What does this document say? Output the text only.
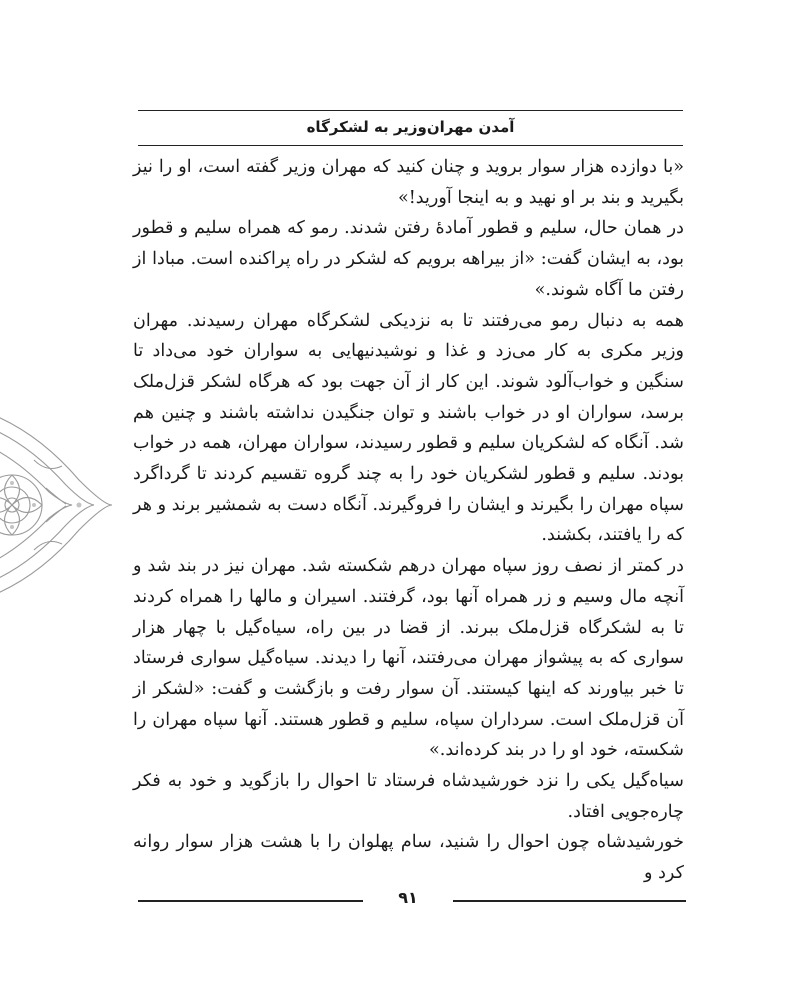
آمدن مهران‌وزیر به لشکرگاه

«با دوازده هزار سوار بروید و چنان کنید که مهران وزیر گفته است، او را نیز بگیرید و بند بر او نهید و به اینجا آورید!»

در همان حال، سلیم و قطور آمادهٔ رفتن شدند. رمو که همراه سلیم و قطور بود، به ایشان گفت: «از بیراهه برویم که لشکر در راه پراکنده است. مبادا از رفتن ما آگاه شوند.»

همه به دنبال رمو می‌رفتند تا به نزدیکی لشکرگاه مهران رسیدند. مهران وزیر مکری به کار می‌زد و غذا و نوشیدنیهایی به سواران خود می‌داد تا سنگین و خواب‌آلود شوند. این کار از آن جهت بود که هرگاه لشکر قزل‌ملک برسد، سواران او در خواب باشند و توان جنگیدن نداشته باشند و چنین هم شد. آنگاه که لشکریان سلیم و قطور رسیدند، سواران مهران، همه در خواب بودند. سلیم و قطور لشکریان خود را به چند گروه تقسیم کردند تا گرداگرد سپاه مهران را بگیرند و ایشان را فروگیرند. آنگاه دست به شمشیر برند و هر که را یافتند، بکشند.

در کمتر از نصف روز سپاه مهران درهم شکسته شد. مهران نیز در بند شد و آنچه مال وسیم و زر همراه آنها بود، گرفتند. اسیران و مالها را همراه کردند تا به لشکرگاه قزل‌ملک ببرند. از قضا در بین راه، سیاه‌گیل با چهار هزار سواری که به پیشواز مهران می‌رفتند، آنها را دیدند. سیاه‌گیل سواری فرستاد تا خبر بیاورند که اینها کیستند. آن سوار رفت و بازگشت و گفت: «لشکر از آن قزل‌ملک است. سرداران سپاه، سلیم و قطور هستند. آنها سپاه مهران را شکسته، خود او را در بند کرده‌اند.»

سیاه‌گیل یکی را نزد خورشیدشاه فرستاد تا احوال را بازگوید و خود به فکر چاره‌جویی افتاد.

خورشیدشاه چون احوال را شنید، سام پهلوان را با هشت هزار سوار روانه کرد و

۹۱
